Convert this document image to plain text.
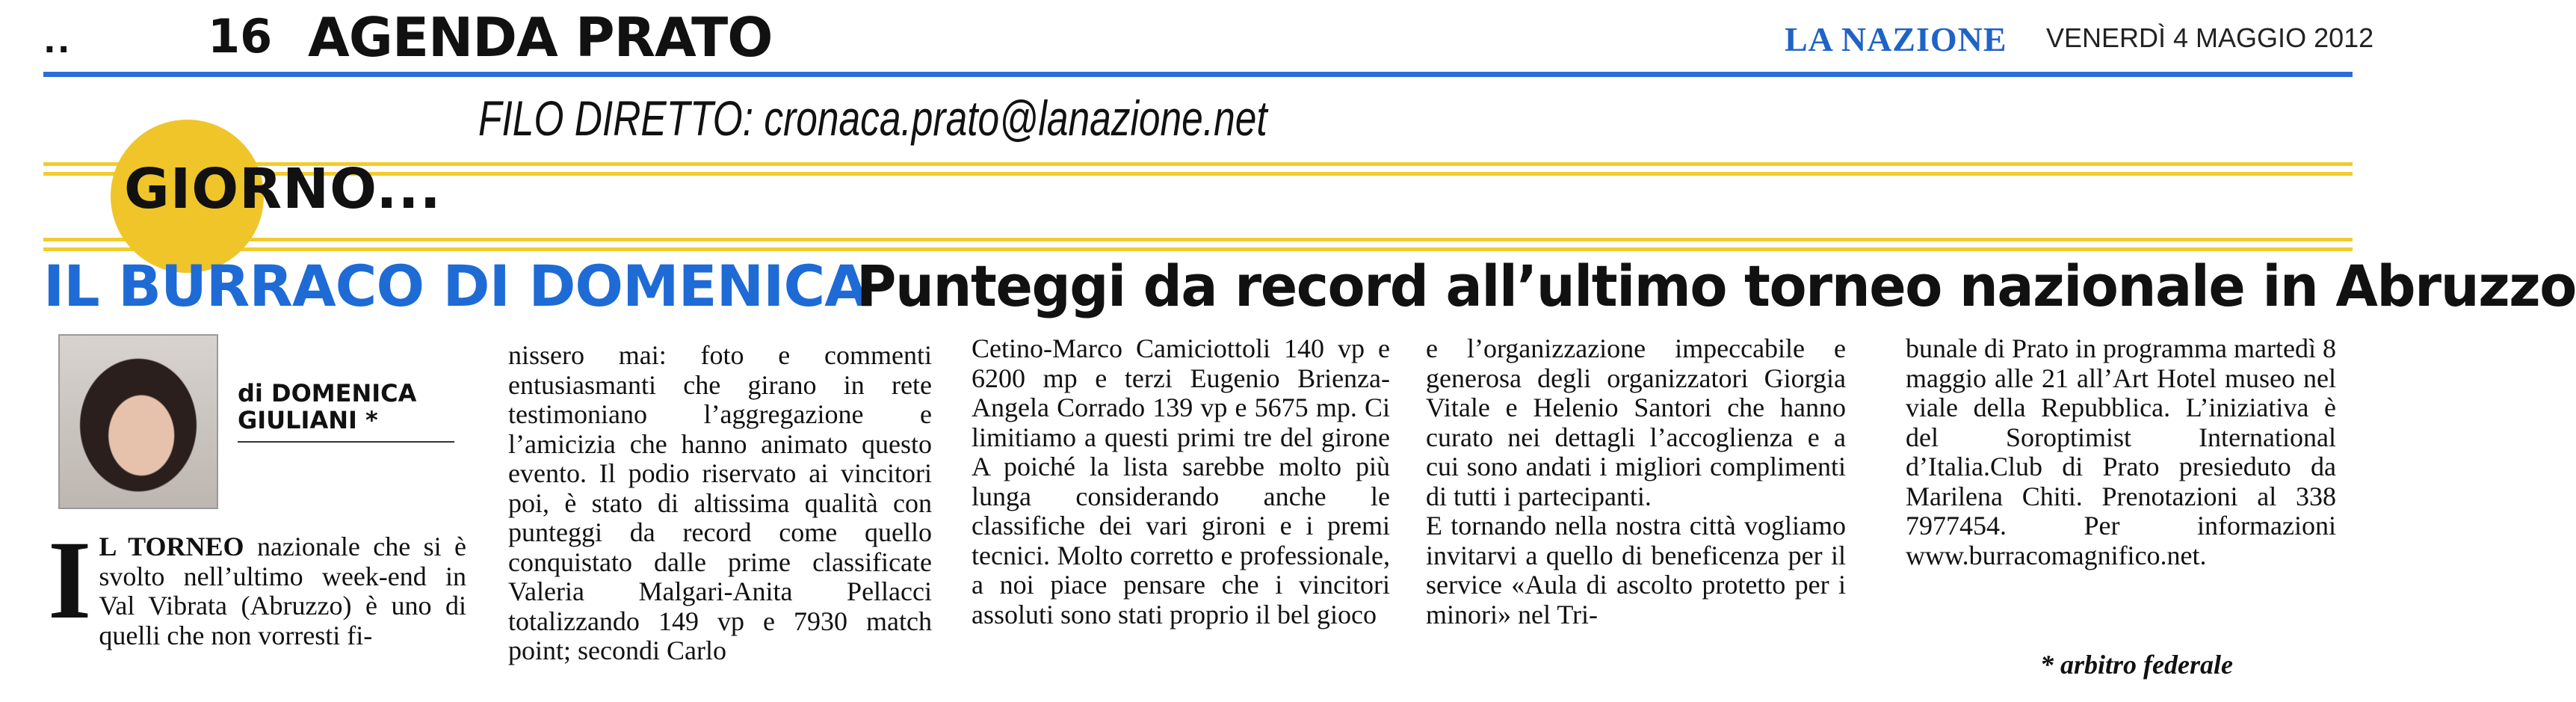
..	16 AGENDA PRATO	LA NAZIONE VENERDÌ 4 MAGGIO 2012
FILO DIRETTO: cronaca.prato@lanazione.net
GIORNO...
IL BURRACO DI DOMENICA
Punteggi da record all’ultimo torneo nazionale in Abruzzo
di DOMENICA
GIULIANI *
I L TORNEO nazionale che si è svolto nell’ultimo week-end in Val Vibrata (Abruzzo) è uno di quelli che non vorresti fi-

nissero mai: foto e commenti entusiasmanti che girano in rete testimoniano l’aggregazione e l’amicizia che hanno animato questo evento. Il podio riservato ai vincitori poi, è stato di altissima qualità con punteggi da record come quello conquistato dalle prime classificate Valeria Malgari-Anita Pellacci totalizzando 149 vp e 7930 match point; secondi Carlo

Cetino-Marco Camiciottoli 140 vp e 6200 mp e terzi Eugenio Brienza-Angela Corrado 139 vp e 5675 mp. Ci limitiamo a questi primi tre del girone A poiché la lista sarebbe molto più lunga considerando anche le classifiche dei vari gironi e i premi tecnici. Molto corretto e professionale, a noi piace pensare che i vincitori assoluti sono stati proprio il bel gioco

e l’organizzazione impeccabile e generosa degli organizzatori Giorgia Vitale e Helenio Santori che hanno curato nei dettagli l’accoglienza e a cui sono andati i migliori complimenti di tutti i partecipanti.

E tornando nella nostra città vogliamo invitarvi a quello di beneficenza per il service «Aula di ascolto protetto per i minori» nel Tri-

bunale di Prato in programma martedì 8 maggio alle 21 all’Art Hotel museo nel viale della Repubblica. L’iniziativa è del Soroptimist International d’Italia.Club di Prato presieduto da Marilena Chiti. Prenotazioni al 338 7977454. Per informazioni www.burracomagnifico.net.

* arbitro federale
